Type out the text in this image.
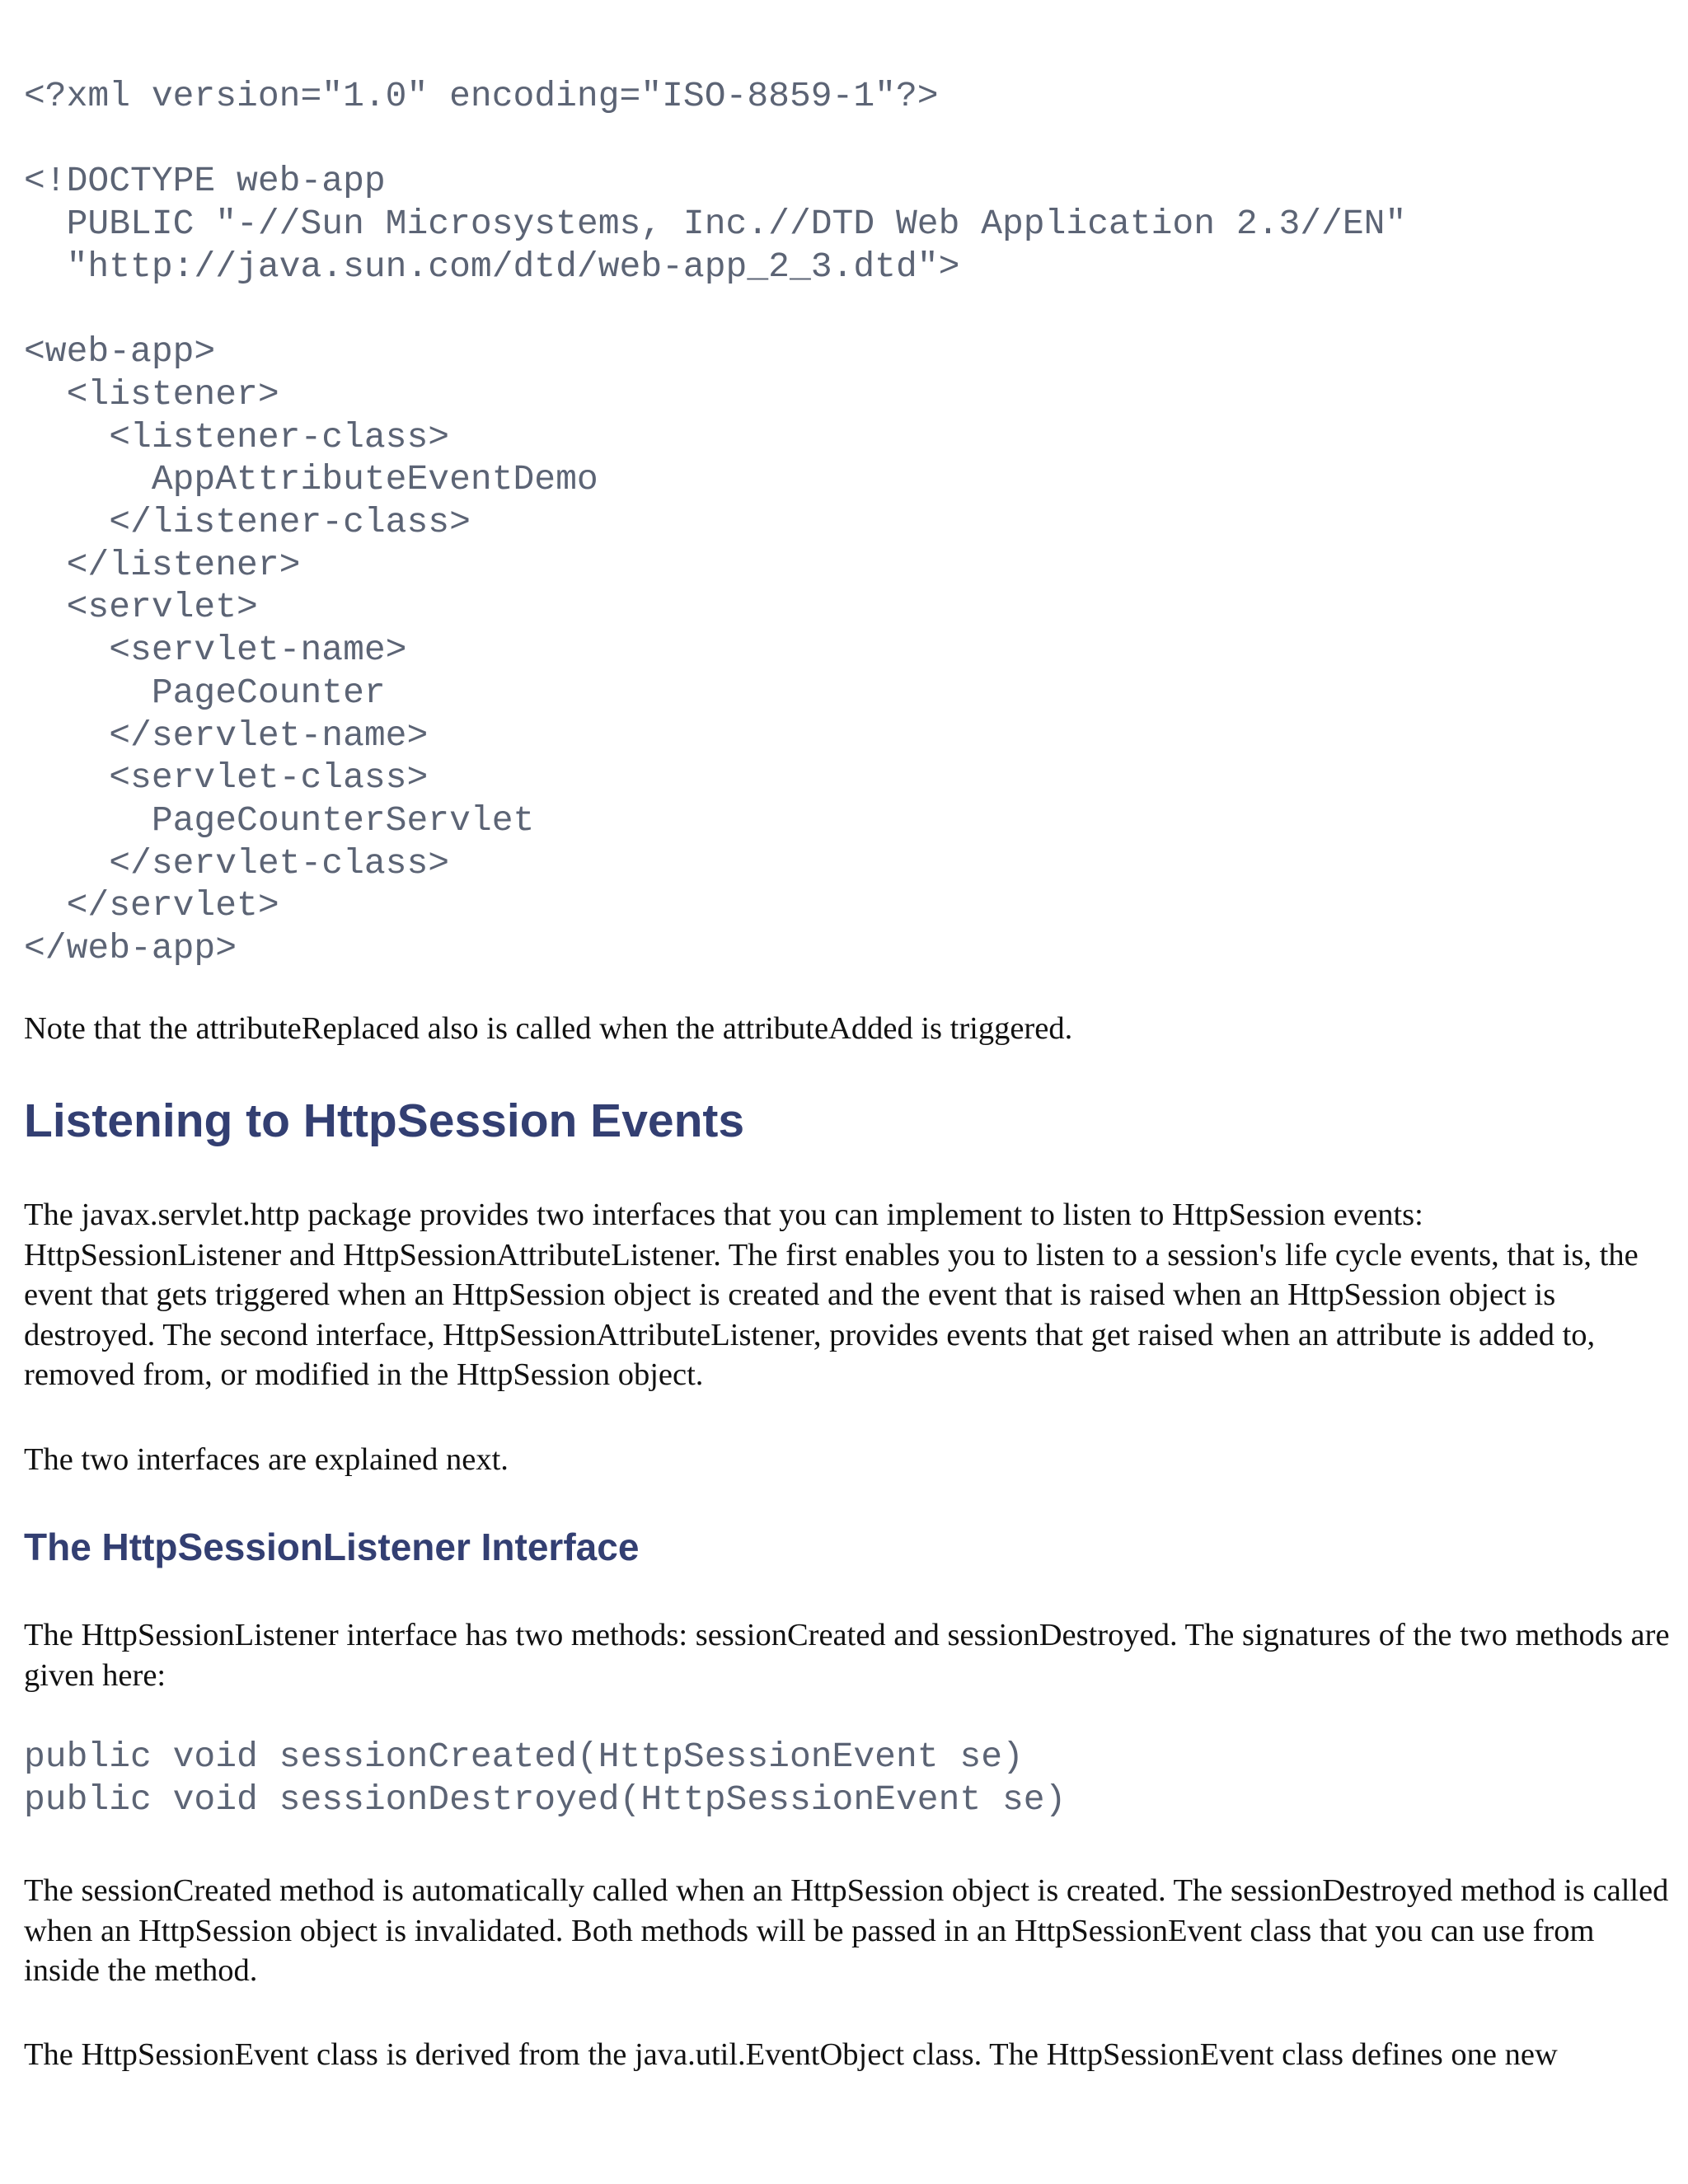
<?xml version="1.0" encoding="ISO-8859-1"?>

<!DOCTYPE web-app
PUBLIC "-//Sun Microsystems, Inc.//DTD Web Application 2.3//EN"
"http://java.sun.com/dtd/web-app_2_3.dtd">

<web-app>
<listener>
<listener-class>
AppAttributeEventDemo
</listener-class>
</listener>
<servlet>
<servlet-name>
PageCounter
</servlet-name>
<servlet-class>
PageCounterServlet
</servlet-class>
</servlet>
</web-app>

Note that the attributeReplaced also is called when the attributeAdded is triggered.

Listening to HttpSession Events

The javax.servlet.http package provides two interfaces that you can implement to listen to HttpSession events: HttpSessionListener and HttpSessionAttributeListener. The first enables you to listen to a session's life cycle events, that is, the event that gets triggered when an HttpSession object is created and the event that is raised when an HttpSession object is destroyed. The second interface, HttpSessionAttributeListener, provides events that get raised when an attribute is added to, removed from, or modified in the HttpSession object.

The two interfaces are explained next.

The HttpSessionListener Interface

The HttpSessionListener interface has two methods: sessionCreated and sessionDestroyed. The signatures of the two methods are given here:

public void sessionCreated(HttpSessionEvent se)
public void sessionDestroyed(HttpSessionEvent se)

The sessionCreated method is automatically called when an HttpSession object is created. The sessionDestroyed method is called when an HttpSession object is invalidated. Both methods will be passed in an HttpSessionEvent class that you can use from inside the method.

The HttpSessionEvent class is derived from the java.util.EventObject class. The HttpSessionEvent class defines one new
